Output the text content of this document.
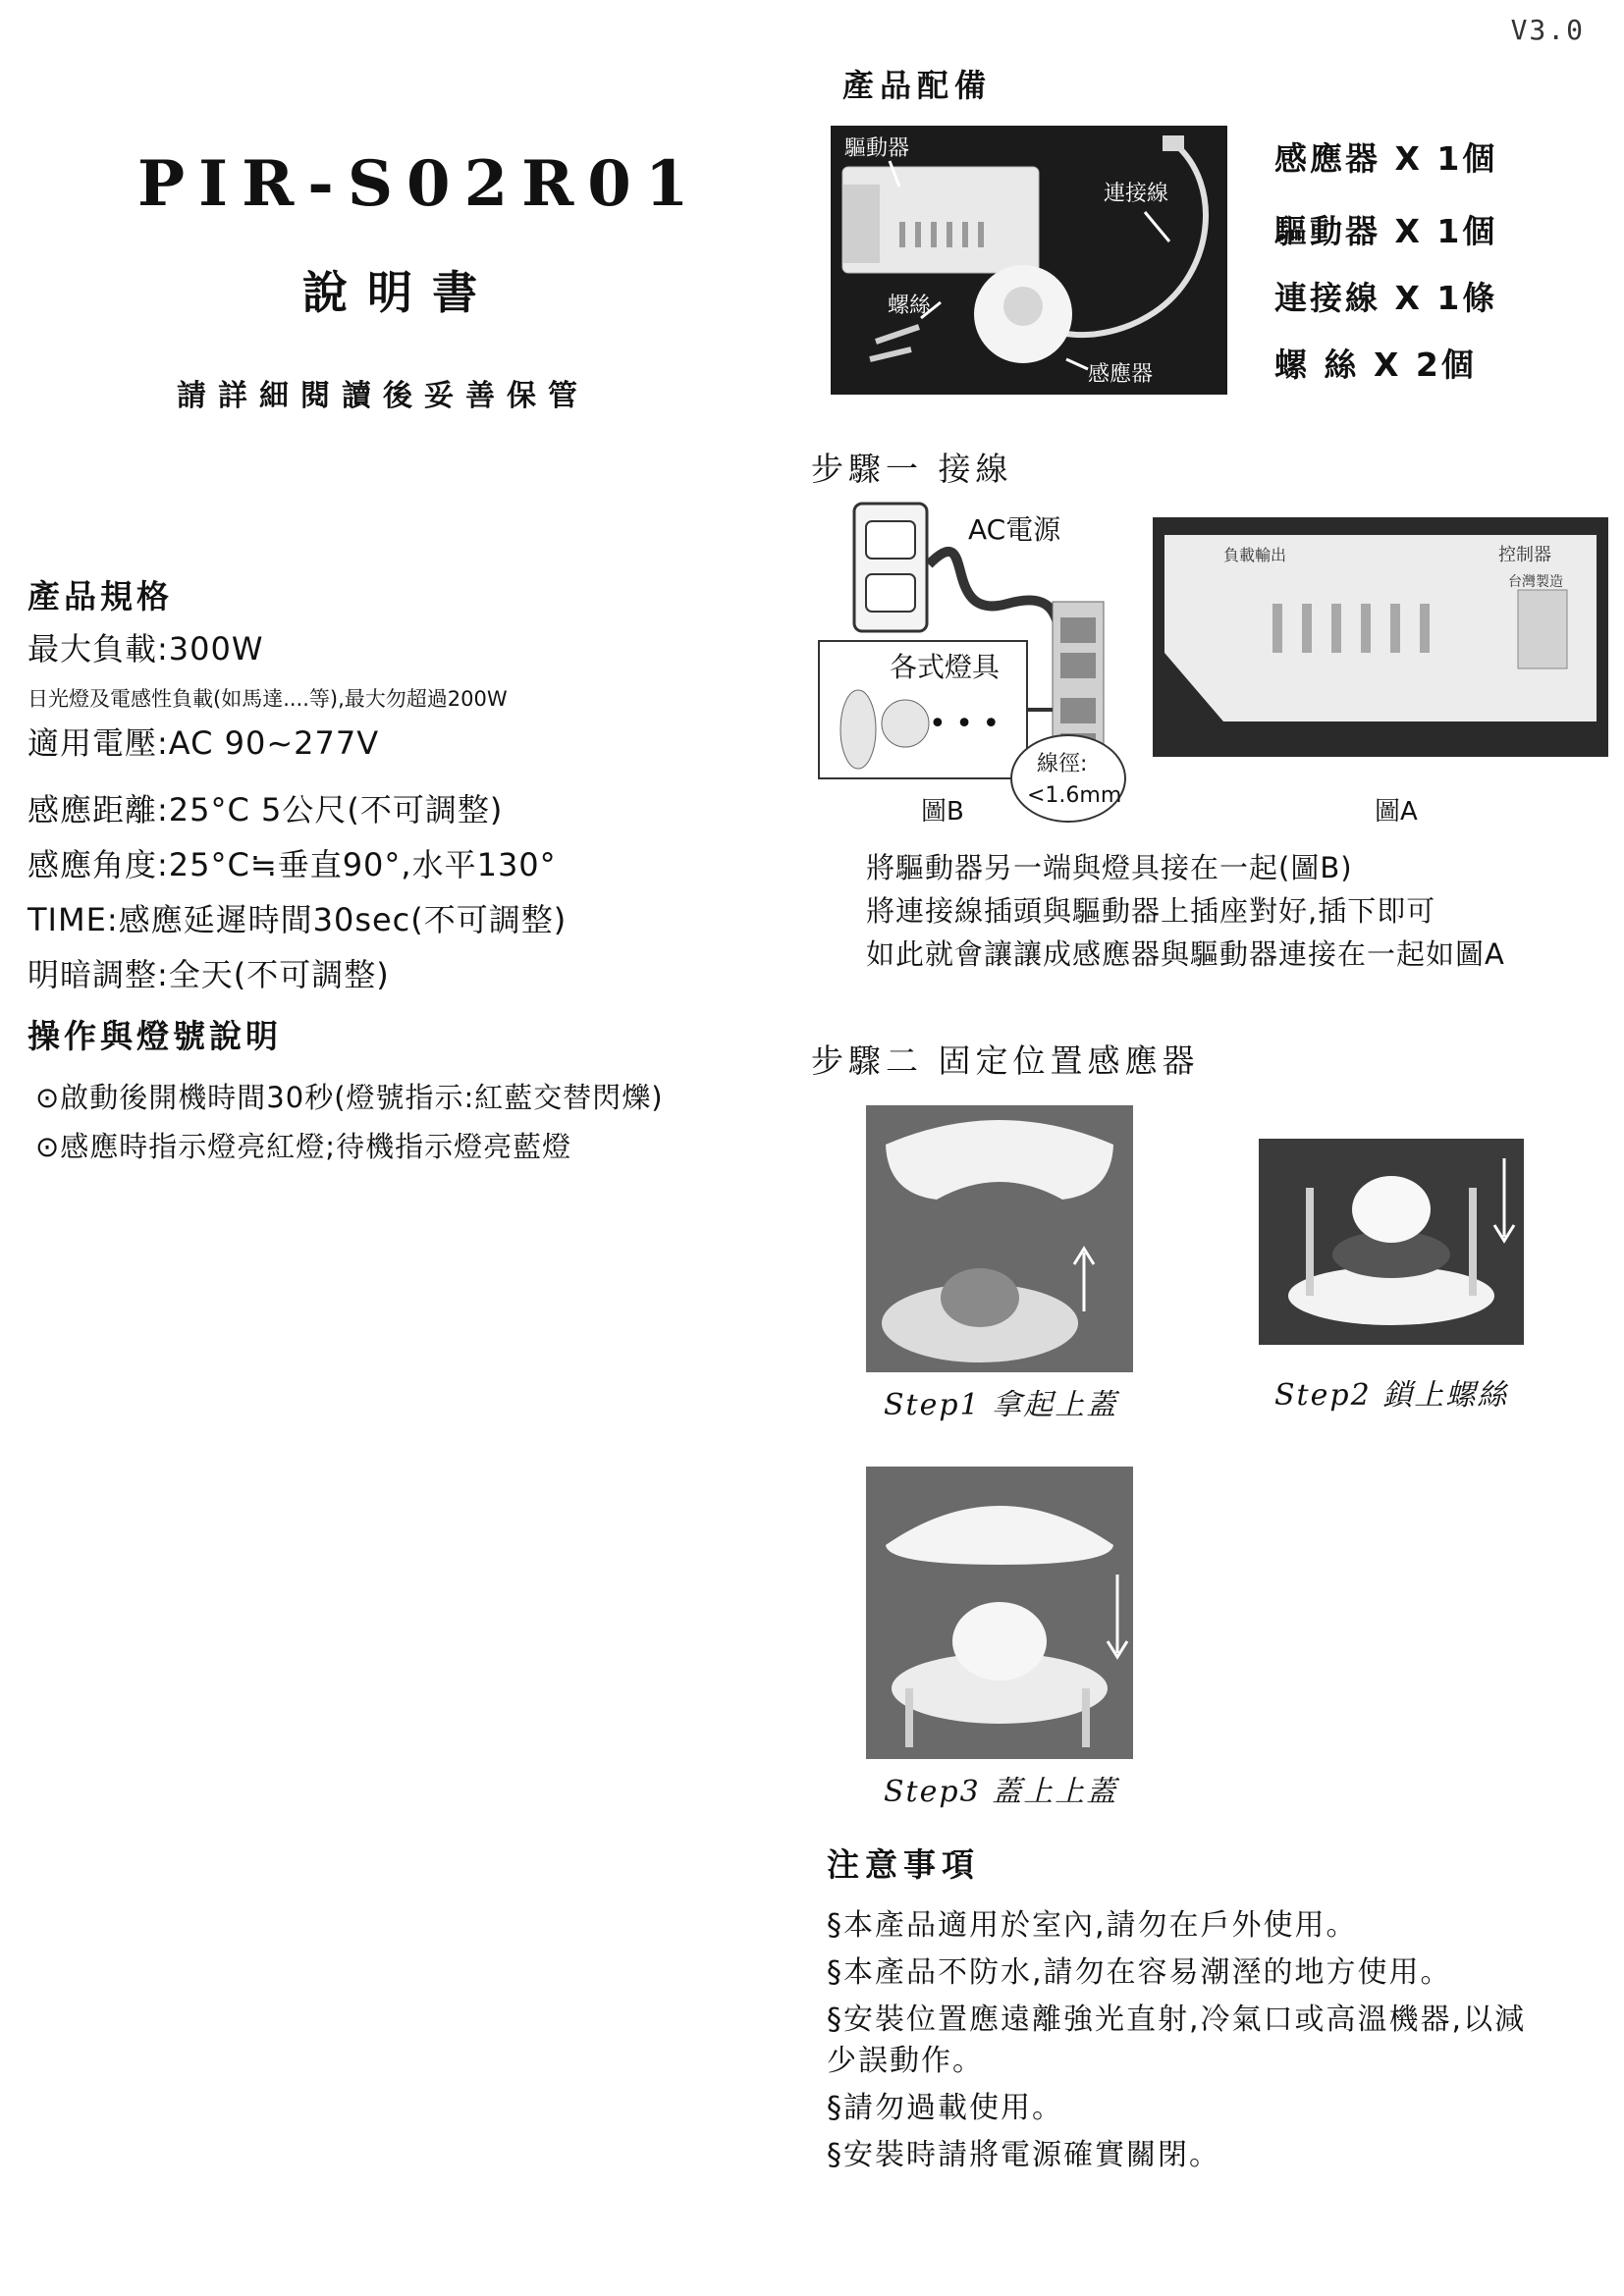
V3.0
PIR-S02R01
說明書
請詳細閱讀後妥善保管
產品規格
最大負載:300W
日光燈及電感性負載(如馬達....等),最大勿超過200W
適用電壓:AC 90~277V
感應距離:25°C 5公尺(不可調整)
感應角度:25°C≒垂直90°,水平130°
TIME:感應延遲時間30sec(不可調整)
明暗調整:全天(不可調整)
操作與燈號說明
⊙啟動後開機時間30秒(燈號指示:紅藍交替閃爍)
⊙感應時指示燈亮紅燈;待機指示燈亮藍燈
產品配備
驅動器
連接線
螺絲
感應器
感應器 X 1個
驅動器 X 1個
連接線 X 1條
螺 絲 X 2個
步驟一 接線
AC電源
• • •
各式燈具
線徑:
<1.6mm
負載輸出	控制器
台灣製造
圖B	圖A
將驅動器另一端與燈具接在一起(圖B)
將連接線插頭與驅動器上插座對好,插下即可
如此就會讓讓成感應器與驅動器連接在一起如圖A
步驟二 固定位置感應器
Step1 拿起上蓋	Step2 鎖上螺絲
Step3 蓋上上蓋
注意事項
§本產品適用於室內,請勿在戶外使用。
§本產品不防水,請勿在容易潮溼的地方使用。
§安裝位置應遠離強光直射,冷氣口或高溫機器,以減
少誤動作。
§請勿過載使用。
§安裝時請將電源確實關閉。
